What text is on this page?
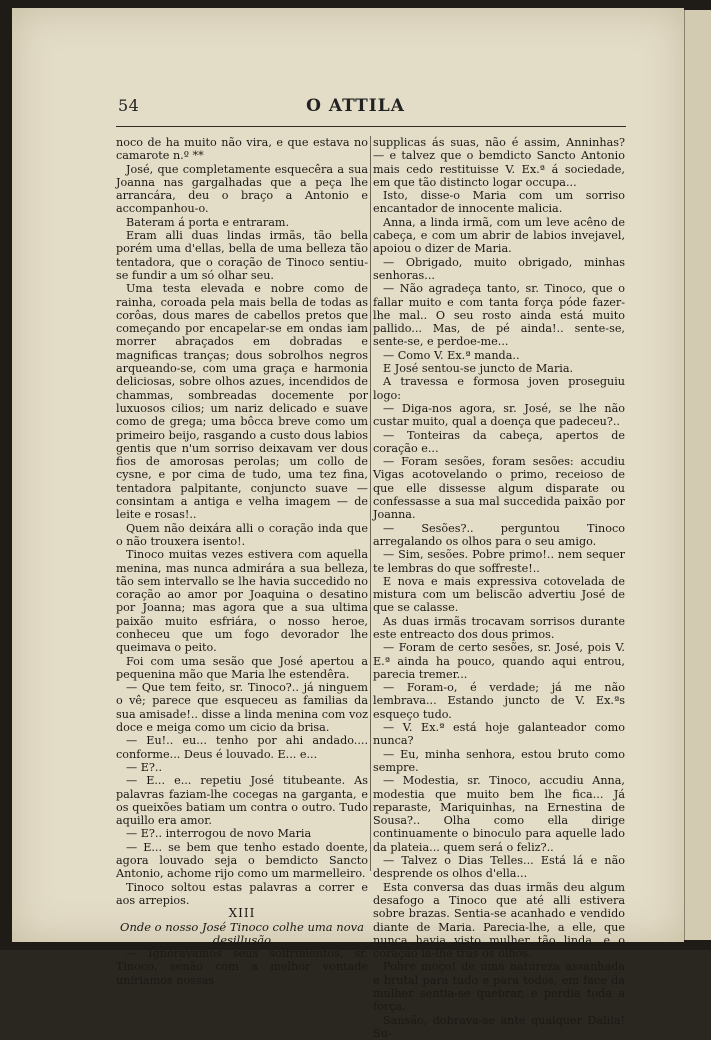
54	O ATTILA

noco de ha muito não vira, e que estava no camarote n.º **

José, que completamente esquecêra a sua Joanna nas gargalhadas que a peça lhe arrancára, deu o braço a Antonio e accompanhou-o.

Bateram á porta e entraram.

Eram alli duas lindas irmãs, tão bella porém uma d'ellas, bella de uma belleza tão tentadora, que o coração de Tinoco sentiu-se fundir a um só olhar seu.

Uma testa elevada e nobre como de rainha, coroada pela mais bella de todas as corôas, dous mares de cabellos pretos que começando por encapelar-se em ondas iam morrer abraçados em dobradas e magnificas tranças; dous sobrolhos negros arqueando-se, com uma graça e harmonia deliciosas, sobre olhos azues, incendidos de chammas, sombreadas docemente por luxuosos cilios; um nariz delicado e suave como de grega; uma bôcca breve como um primeiro beijo, rasgando a custo dous labios gentis que n'um sorriso deixavam ver dous fios de amorosas perolas; um collo de cysne, e por cima de tudo, uma tez fina, tentadora palpitante, conjuncto suave — consintam a antiga e velha imagem — de leite e rosas!..

Quem não deixára alli o coração inda que o não trouxera isento!.

Tinoco muitas vezes estivera com aquella menina, mas nunca admirára a sua belleza, tão sem intervallo se lhe havia succedido no coração ao amor por Joaquina o desatino por Joanna; mas agora que a sua ultima paixão muito esfriára, o nosso heroe, conheceu que um fogo devorador lhe queimava o peito.

Foi com uma sesão que José apertou a pequenina mão que Maria lhe estendêra.

— Que tem feito, sr. Tinoco?.. já ninguem o vê; parece que esqueceu as familias da sua amisade!.. disse a linda menina com voz doce e meiga como um cicio da brisa.

— Eu!.. eu... tenho por ahi andado.... conforme... Deus é louvado. E... e...

— E?..

— E... e... repetiu José titubeante. As palavras faziam-lhe cocegas na garganta, e os queixões batiam um contra o outro. Tudo aquillo era amor.

— E?.. interrogou de novo Maria

— E... se bem que tenho estado doente, agora louvado seja o bemdicto Sancto Antonio, achome rijo como um marmelleiro.

Tinoco soltou estas palavras a correr e aos arrepios.

XIII

Onde o nosso José Tinoco colhe uma nova desillusão

— Ignoravamos seus soffrimentos, sr. Tinoco, senão com a melhor vontade uniriamos nossas

supplicas ás suas, não é assim, Anninhas? — e talvez que o bemdicto Sancto Antonio mais cedo restituisse V. Ex.ª á sociedade, em que tão distincto logar occupa...

Isto, disse-o Maria com um sorriso encantador de innocente malicia.

Anna, a linda irmã, com um leve acêno de cabeça, e com um abrir de labios invejavel, apoiou o dizer de Maria.

— Obrigado, muito obrigado, minhas senhoras...

— Não agradeça tanto, sr. Tinoco, que o fallar muito e com tanta força póde fazer-lhe mal.. O seu rosto ainda está muito pallido... Mas, de pé ainda!.. sente-se, sente-se, e perdoe-me...

— Como V. Ex.ª manda..

E José sentou-se juncto de Maria.

A travessa e formosa joven proseguiu logo:

— Diga-nos agora, sr. José, se lhe não custar muito, qual a doença que padeceu?..

— Tonteiras da cabeça, apertos de coração e...

— Foram sesões, foram sesões: accudiu Vigas acotovelando o primo, receioso de que elle dissesse algum disparate ou confessasse a sua mal succedida paixão por Joanna.

— Sesões?.. perguntou Tinoco arregalando os olhos para o seu amigo.

— Sim, sesões. Pobre primo!.. nem sequer te lembras do que soffreste!..

E nova e mais expressiva cotovelada de mistura com um beliscão advertiu José de que se calasse.

As duas irmãs trocavam sorrisos durante este entreacto dos dous primos.

— Foram de certo sesões, sr. José, pois V. E.ª ainda ha pouco, quando aqui entrou, parecia tremer...

— Foram-o, é verdade; já me não lembrava... Estando juncto de V. Ex.ªs esqueço tudo.

— V. Ex.ª está hoje galanteador como nunca?

— Eu, minha senhora, estou bruto como sempre.

— Modestia, sr. Tinoco, accudiu Anna, modestia que muito bem lhe fica... Já reparaste, Mariquinhas, na Ernestina de Sousa?.. Olha como ella dirige continuamente o binoculo para aquelle lado da plateia... quem será o feliz?..

— Talvez o Dias Telles... Está lá e não desprende os olhos d'ella...

Esta conversa das duas irmãs deu algum desafogo a Tinoco que até alli estivera sobre brazas. Sentia-se acanhado e vendido diante de Maria. Parecia-lhe, a elle, que nunca havia visto mulher tão linda, e o coração ia-lhe trás os olhos.

Pobre moço! de uma natureza assanhada e brutal para tudo e para todos, em face da mulher sentia-se quebrar, e perdia toda a força.

Sansão, dobrava-se ante qualquer Dalila! Su-
